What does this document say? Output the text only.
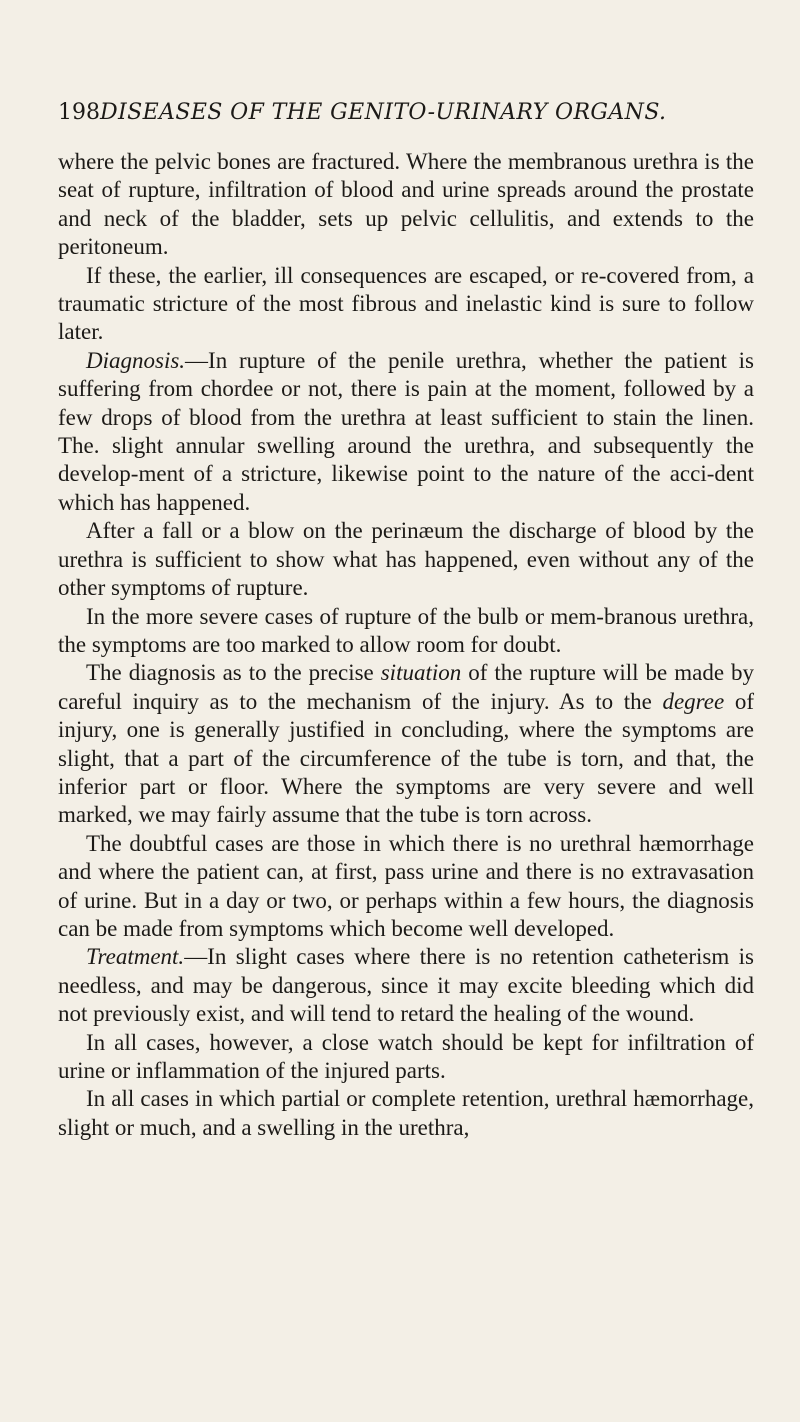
198 DISEASES OF THE GENITO-URINARY ORGANS.

where the pelvic bones are fractured. Where the membranous urethra is the seat of rupture, infiltration of blood and urine spreads around the prostate and neck of the bladder, sets up pelvic cellulitis, and extends to the peritoneum.

If these, the earlier, ill consequences are escaped, or re-covered from, a traumatic stricture of the most fibrous and inelastic kind is sure to follow later.

Diagnosis.—In rupture of the penile urethra, whether the patient is suffering from chordee or not, there is pain at the moment, followed by a few drops of blood from the urethra at least sufficient to stain the linen. The. slight annular swelling around the urethra, and subsequently the develop-ment of a stricture, likewise point to the nature of the acci-dent which has happened.

After a fall or a blow on the perinæum the discharge of blood by the urethra is sufficient to show what has happened, even without any of the other symptoms of rupture.

In the more severe cases of rupture of the bulb or mem-branous urethra, the symptoms are too marked to allow room for doubt.

The diagnosis as to the precise situation of the rupture will be made by careful inquiry as to the mechanism of the injury. As to the degree of injury, one is generally justified in concluding, where the symptoms are slight, that a part of the circumference of the tube is torn, and that, the inferior part or floor. Where the symptoms are very severe and well marked, we may fairly assume that the tube is torn across.

The doubtful cases are those in which there is no urethral hæmorrhage and where the patient can, at first, pass urine and there is no extravasation of urine. But in a day or two, or perhaps within a few hours, the diagnosis can be made from symptoms which become well developed.

Treatment.—In slight cases where there is no retention catheterism is needless, and may be dangerous, since it may excite bleeding which did not previously exist, and will tend to retard the healing of the wound.

In all cases, however, a close watch should be kept for infiltration of urine or inflammation of the injured parts.

In all cases in which partial or complete retention, urethral hæmorrhage, slight or much, and a swelling in the urethra,
